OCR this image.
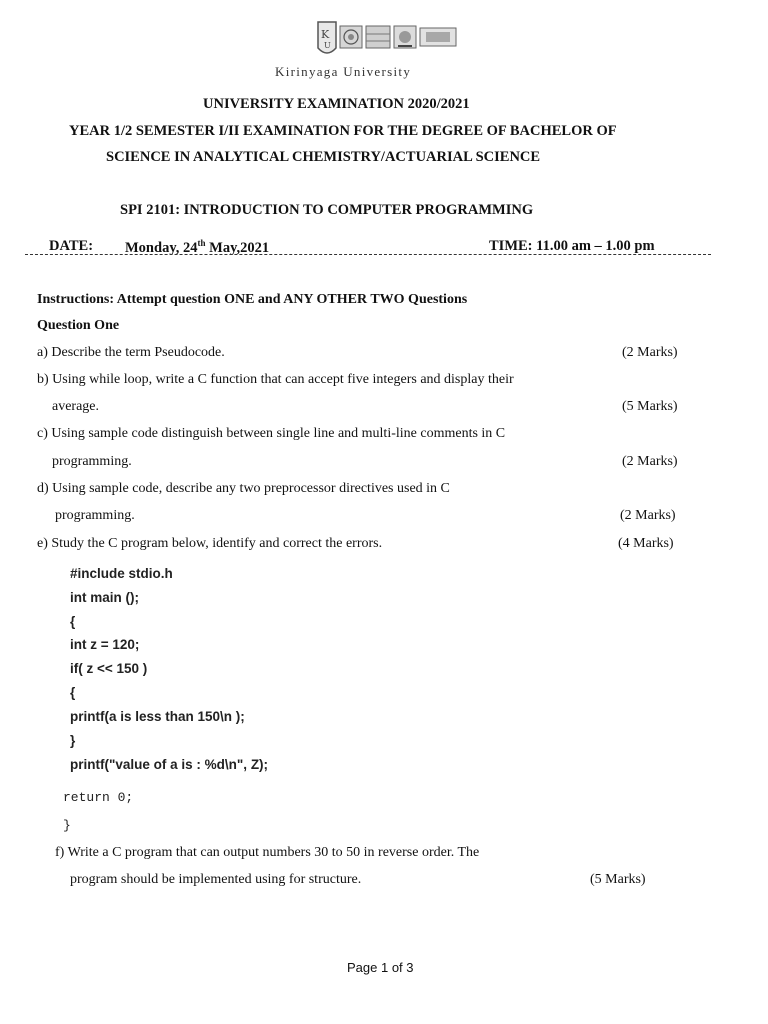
K
U
Kirinyaga University
UNIVERSITY EXAMINATION 2020/2021
YEAR 1/2 SEMESTER I/II EXAMINATION FOR THE DEGREE OF BACHELOR OF
SCIENCE IN ANALYTICAL CHEMISTRY/ACTUARIAL SCIENCE
SPI 2101: INTRODUCTION TO COMPUTER PROGRAMMING
DATE: Monday, 24th May,2021	TIME: 11.00 am – 1.00 pm
Instructions: Attempt question ONE and ANY OTHER TWO Questions
Question One
a) Describe the term Pseudocode.	(2 Marks)
b) Using while loop, write a C function that can accept five integers and display their
average.	(5 Marks)
c) Using sample code distinguish between single line and multi-line comments in C
programming.	(2 Marks)
d) Using sample code, describe any two preprocessor directives used in C
programming.	(2 Marks)
e) Study the C program below, identify and correct the errors.	(4 Marks)
#include stdio.h
int main ();
{
int z = 120;
if( z << 150 )
{
printf(a is less than 150\n );
}
printf("value of a is : %d\n", Z);
return 0;
}
f) Write a C program that can output numbers 30 to 50 in reverse order. The
program should be implemented using for structure.	(5 Marks)
Page 1 of 3
